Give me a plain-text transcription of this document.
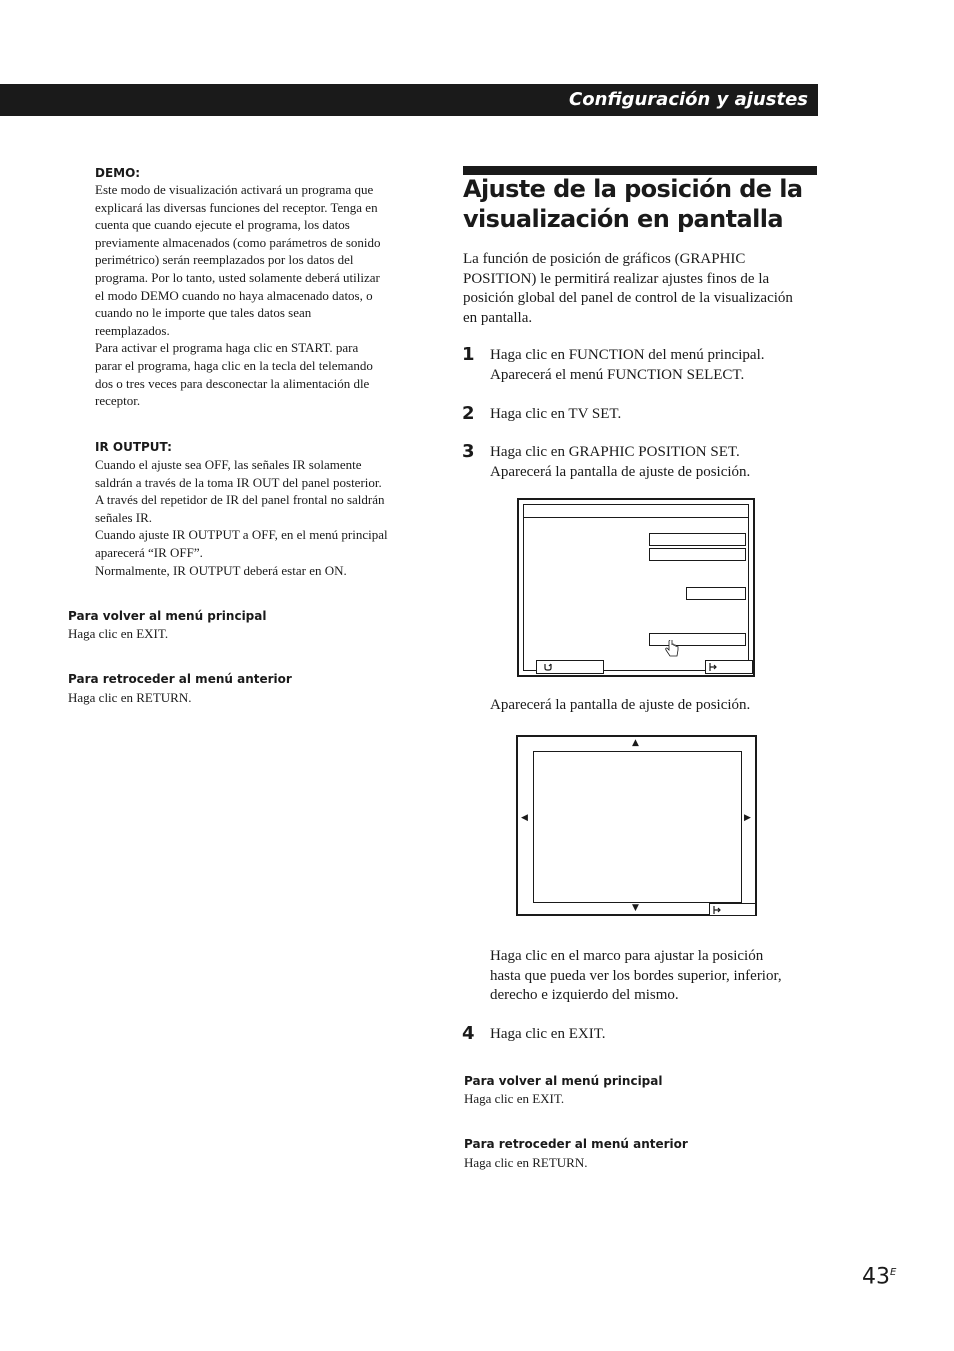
Configuración y ajustes
DEMO:
Este modo de visualización activará un programa que
explicará las diversas funciones del receptor. Tenga en
cuenta que cuando ejecute el programa, los datos
previamente almacenados (como parámetros de sonido
perimétrico) serán reemplazados por los datos del
programa. Por lo tanto, usted solamente deberá utilizar
el modo DEMO cuando no haya almacenado datos, o
cuando no le importe que tales datos sean
reemplazados.
Para activar el programa haga clic en START. para
parar el programa, haga clic en la tecla del telemando
dos o tres veces para desconectar la alimentación dle
receptor.
IR OUTPUT:
Cuando el ajuste sea OFF, las señales IR solamente
saldrán a través de la toma IR OUT del panel posterior.
A través del repetidor de IR del panel frontal no saldrán
señales IR.
Cuando ajuste IR OUTPUT a OFF, en el menú principal
aparecerá “IR OFF”.
Normalmente, IR OUTPUT deberá estar en ON.
Para volver al menú principal
Haga clic en EXIT.
Para retroceder al menú anterior
Haga clic en RETURN.
Ajuste de la posición de la
visualización en pantalla
La función de posición de gráficos (GRAPHIC
POSITION) le permitirá realizar ajustes finos de la
posición global del panel de control de la visualización
en pantalla.
1 Haga clic en FUNCTION del menú principal.
Aparecerá el menú FUNCTION SELECT.
2 Haga clic en TV SET.
3 Haga clic en GRAPHIC POSITION SET.
Aparecerá la pantalla de ajuste de posición.
Aparecerá la pantalla de ajuste de posición.
▲
▼
◀	▶
Haga clic en el marco para ajustar la posición
hasta que pueda ver los bordes superior, inferior,
derecho e izquierdo del mismo.
4 Haga clic en EXIT.
Para volver al menú principal
Haga clic en EXIT.
Para retroceder al menú anterior
Haga clic en RETURN.
43$^E$
